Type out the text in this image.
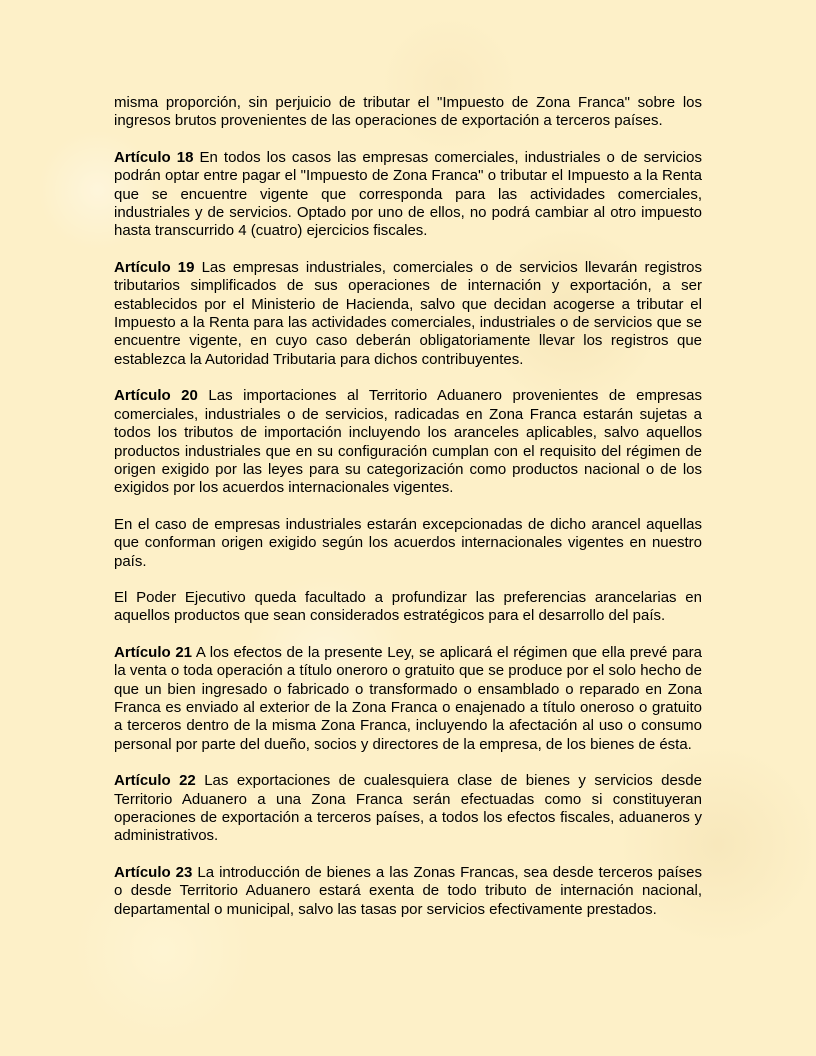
misma proporción, sin perjuicio de tributar el "Impuesto de Zona Franca" sobre los ingresos brutos provenientes de las operaciones de exportación a terceros países.

Artículo 18 En todos los casos las empresas comerciales, industriales o de servicios podrán optar entre pagar el "Impuesto de Zona Franca" o tributar el Impuesto a la Renta que se encuentre vigente que corresponda para las actividades comerciales, industriales y de servicios. Optado por uno de ellos, no podrá cambiar al otro impuesto hasta transcurrido 4 (cuatro) ejercicios fiscales.

Artículo 19 Las empresas industriales, comerciales o de servicios llevarán registros tributarios simplificados de sus operaciones de internación y exportación, a ser establecidos por el Ministerio de Hacienda, salvo que decidan acogerse a tributar el Impuesto a la Renta para las actividades comerciales, industriales o de servicios que se encuentre vigente, en cuyo caso deberán obligatoriamente llevar los registros que establezca la Autoridad Tributaria para dichos contribuyentes.

Artículo 20 Las importaciones al Territorio Aduanero provenientes de empresas comerciales, industriales o de servicios, radicadas en Zona Franca estarán sujetas a todos los tributos de importación incluyendo los aranceles aplicables, salvo aquellos productos industriales que en su configuración cumplan con el requisito del régimen de origen exigido por las leyes para su categorización como productos nacional o de los exigidos por los acuerdos internacionales vigentes.

En el caso de empresas industriales estarán excepcionadas de dicho arancel aquellas que conforman origen exigido según los acuerdos internacionales vigentes en nuestro país.

El Poder Ejecutivo queda facultado a profundizar las preferencias arancelarias en aquellos productos que sean considerados estratégicos para el desarrollo del país.

Artículo 21 A los efectos de la presente Ley, se aplicará el régimen que ella prevé para la venta o toda operación a título oneroro o gratuito que se produce por el solo hecho de que un bien ingresado o fabricado o transformado o ensamblado o reparado en Zona Franca es enviado al exterior de la Zona Franca o enajenado a título oneroso o gratuito a terceros dentro de la misma Zona Franca, incluyendo la afectación al uso o consumo personal por parte del dueño, socios y directores de la empresa, de los bienes de ésta.

Artículo 22 Las exportaciones de cualesquiera clase de bienes y servicios desde Territorio Aduanero a una Zona Franca serán efectuadas como si constituyeran operaciones de exportación a terceros países, a todos los efectos fiscales, aduaneros y administrativos.

Artículo 23 La introducción de bienes a las Zonas Francas, sea desde terceros países o desde Territorio Aduanero estará exenta de todo tributo de internación nacional, departamental o municipal, salvo las tasas por servicios efectivamente prestados.
